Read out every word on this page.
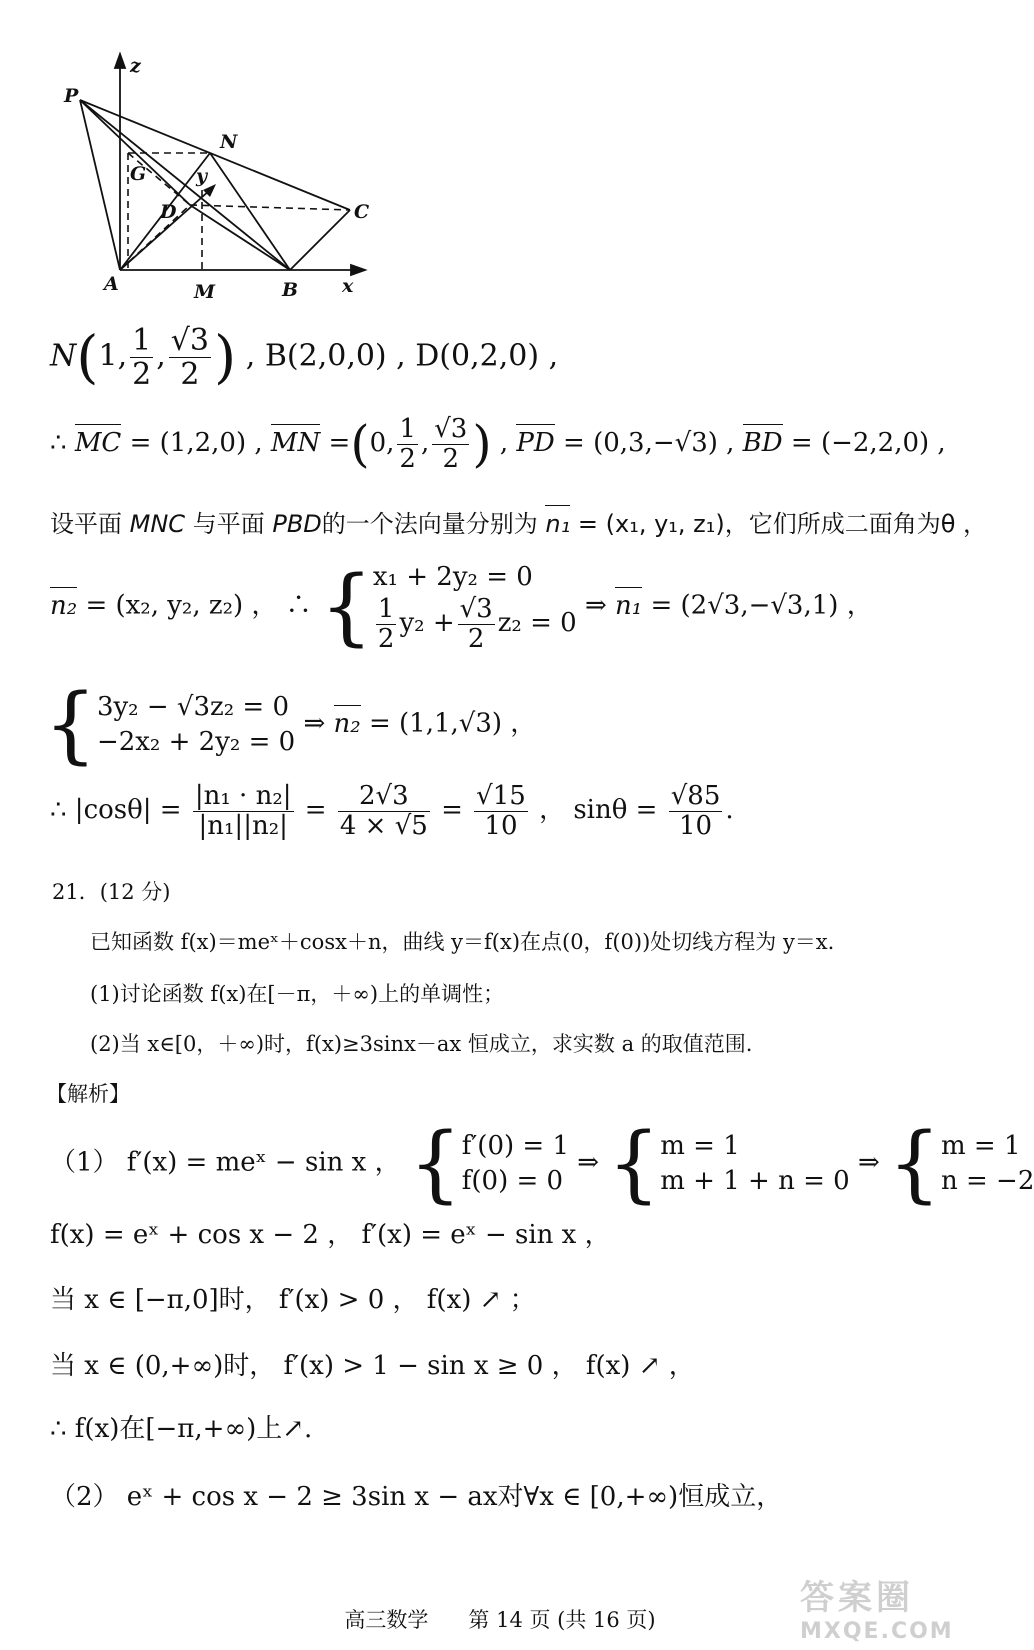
P
N
z
G	y
D	C
A	M	B x
N(1, $\frac{1}{2}$ , $\frac{√3}{2}$ ) , B(2,0,0) , D(0,2,0) ,
∴ MC = (1,2,0) , MN =(0, $\frac{1}{2}$ , $\frac{√3}{2}$ ) , PD = (0,3,−√3) , BD = (−2,2,0) ,
设平面 MNC 与平面 PBD的一个法向量分别为 n₁ = (x₁, y₁, z₁)，它们所成二面角为θ ，
n₂ = (x₂, y₂, z₂) ， ∴ { x₁ + 2y₂ = 0
$\frac{1}{2} y_2 + \frac{√3}{2} z_2 = 0$
⇒ n₁ = (2√3,−√3,1) ，
{ 3y₂ − √3z₂ = 0
−2x₂ + 2y₂ = 0
⇒ n₂ = (1,1,√3) ，
∴ $|\cos\theta| = \frac{\text{|n₁ · n₂|}}{\text{|n₁||n₂|}} = \frac{2√3}{4 \times √5} = \frac{√15}{10}$ ， $\sin\theta = \frac{√85}{10}$ .
21．(12 分)
已知函数 f(x)＝meˣ＋cosx＋n，曲线 y＝f(x)在点(0，f(0))处切线方程为 y＝x.
(1)讨论函数 f(x)在[－π，＋∞)上的单调性；
(2)当 x∈[0，＋∞)时，f(x)≥3sinx－ax 恒成立，求实数 a 的取值范围.
【解析】
（1） f′(x) = meˣ − sin x ， { f′(0) = 1
f(0) = 0
⇒ { m = 1
m + 1 + n = 0
⇒ { m = 1
n = −2
f(x) = eˣ + cos x − 2 ， f′(x) = eˣ − sin x ，
当 x ∈ [−π,0]时， f′(x) > 0 ， f(x) ↗ ；
当 x ∈ (0,+∞)时， f′(x) > 1 − sin x ≥ 0 ， f(x) ↗ ，
∴ f(x)在[−π,+∞)上↗.
（2） eˣ + cos x − 2 ≥ 3sin x − ax对∀x ∈ [0,+∞)恒成立，
高三数学 第 14 页 (共 16 页)
答案圈
MXQE.COM
